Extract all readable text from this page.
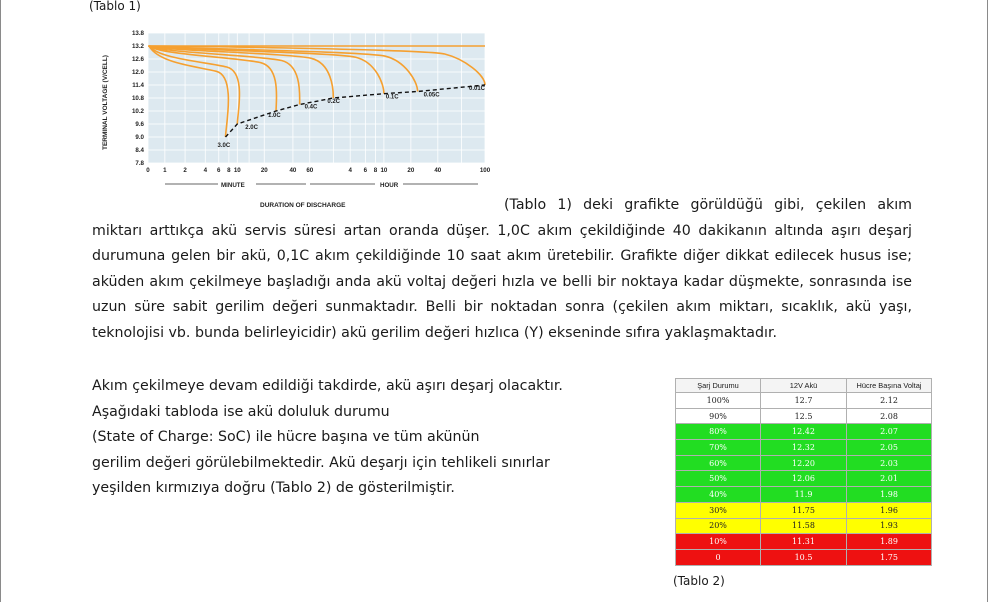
(Tablo 1)
3.0C
2.0C
1.0C
0.4C
0.2C
0.1C	0.05C
0.01C
13.8
13.2
12.6
12.0
11.4
10.8
10.2
9.6
9.0
8.4
7.8
0 1	2	4 6 8 10	20	40 60	4 6 8 10	20	40	100
TERMINAL VOLTAGE (V/CELL)
DURATION OF DISCHARGE
MINUTE	HOUR
(Tablo 1) deki grafikte görüldüğü gibi, çekilen akım miktarı arttıkça akü servis süresi artan oranda düşer. 1,0C akım çekildiğinde 40 dakikanın altında aşırı deşarj durumuna gelen bir akü, 0,1C akım çekildiğinde 10 saat akım üretebilir. Grafikte diğer dikkat edilecek husus ise; aküden akım çekilmeye başladığı anda akü voltaj değeri hızla ve belli bir noktaya kadar düşmekte, sonrasında ise uzun süre sabit gerilim değeri sunmaktadır. Belli bir noktadan sonra (çekilen akım miktarı, sıcaklık, akü yaşı, teknolojisi vb. bunda belirleyicidir) akü gerilim değeri hızlıca (Y) ekseninde sıfıra yaklaşmaktadır.
Akım çekilmeye devam edildiği takdirde, akü aşırı deşarj olacaktır.
Aşağıdaki tabloda ise akü doluluk durumu
(State of Charge: SoC) ile hücre başına ve tüm akünün
gerilim değeri görülebilmektedir. Akü deşarjı için tehlikeli sınırlar
yeşilden kırmızıya doğru (Tablo 2) de gösterilmiştir.
Şarj Durumu	12V Akü	Hücre Başına Voltaj
100%	12.7	2.12
90%	12.5	2.08
80%	12.42	2.07
70%	12.32	2.05
60%	12.20	2.03
50%	12.06	2.01
40%	11.9	1.98
30%	11.75	1.96
20%	11.58	1.93
10%	11.31	1.89
0	10.5	1.75
(Tablo 2)
